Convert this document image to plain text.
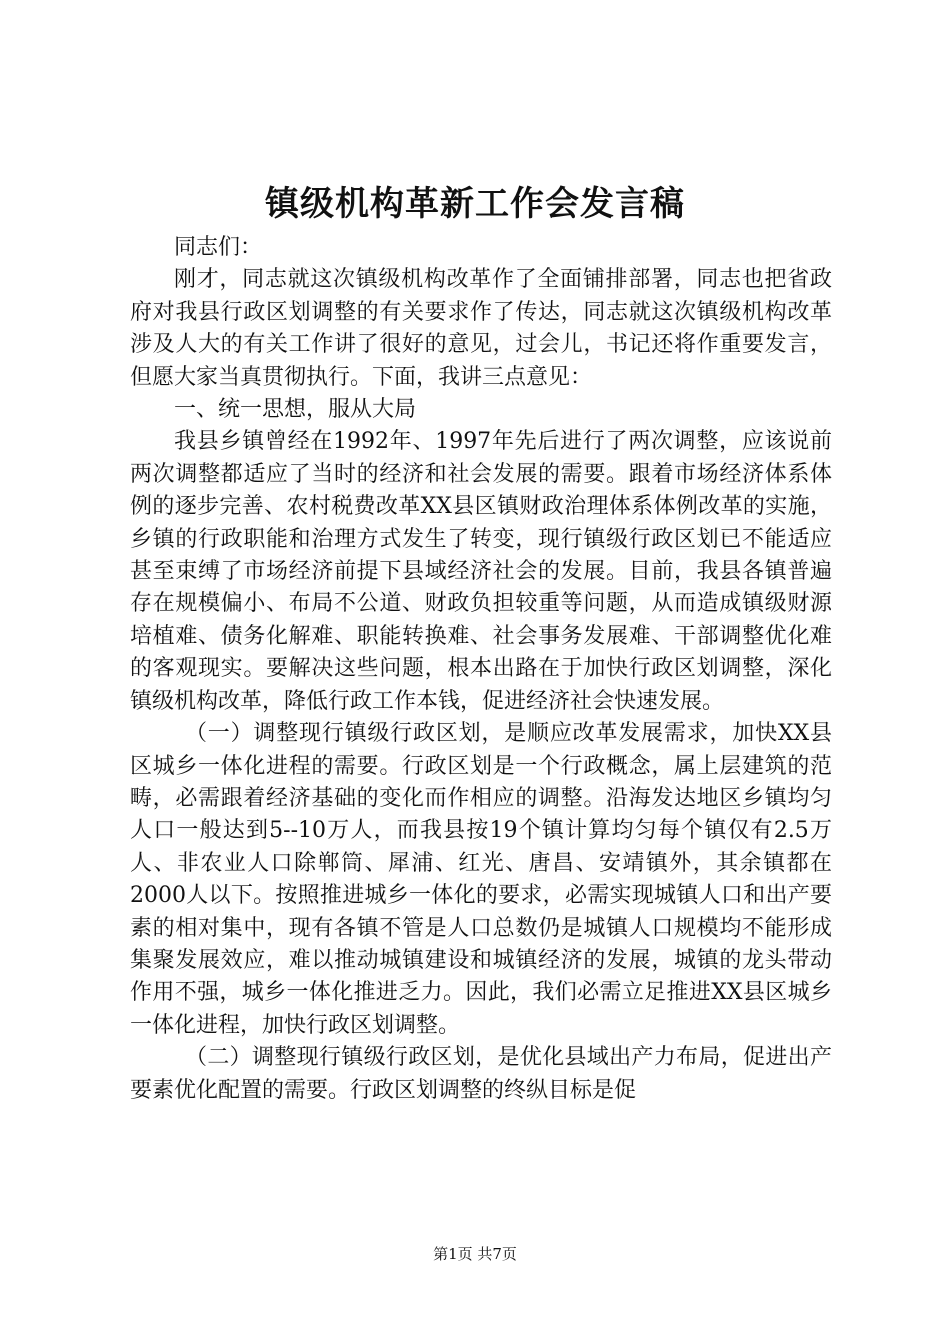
镇级机构革新工作会发言稿

同志们：

刚才，同志就这次镇级机构改革作了全面铺排部署，同志也把省政府对我县行政区划调整的有关要求作了传达，同志就这次镇级机构改革涉及人大的有关工作讲了很好的意见，过会儿，书记还将作重要发言，但愿大家当真贯彻执行。下面，我讲三点意见：

一、统一思想，服从大局

我县乡镇曾经在1992年、1997年先后进行了两次调整，应该说前两次调整都适应了当时的经济和社会发展的需要。跟着市场经济体系体例的逐步完善、农村税费改革XX县区镇财政治理体系体例改革的实施，乡镇的行政职能和治理方式发生了转变，现行镇级行政区划已不能适应甚至束缚了市场经济前提下县域经济社会的发展。目前，我县各镇普遍存在规模偏小、布局不公道、财政负担较重等问题，从而造成镇级财源培植难、债务化解难、职能转换难、社会事务发展难、干部调整优化难的客观现实。要解决这些问题，根本出路在于加快行政区划调整，深化镇级机构改革，降低行政工作本钱，促进经济社会快速发展。

（一）调整现行镇级行政区划，是顺应改革发展需求，加快XX县区城乡一体化进程的需要。行政区划是一个行政概念，属上层建筑的范畴，必需跟着经济基础的变化而作相应的调整。沿海发达地区乡镇均匀人口一般达到5--10万人，而我县按19个镇计算均匀每个镇仅有2.5万人、非农业人口除郸筒、犀浦、红光、唐昌、安靖镇外，其余镇都在2000人以下。按照推进城乡一体化的要求，必需实现城镇人口和出产要素的相对集中，现有各镇不管是人口总数仍是城镇人口规模均不能形成集聚发展效应，难以推动城镇建设和城镇经济的发展，城镇的龙头带动作用不强，城乡一体化推进乏力。因此，我们必需立足推进XX县区城乡一体化进程，加快行政区划调整。

（二）调整现行镇级行政区划，是优化县域出产力布局，促进出产要素优化配置的需要。行政区划调整的终纵目标是促

第1页 共7页
